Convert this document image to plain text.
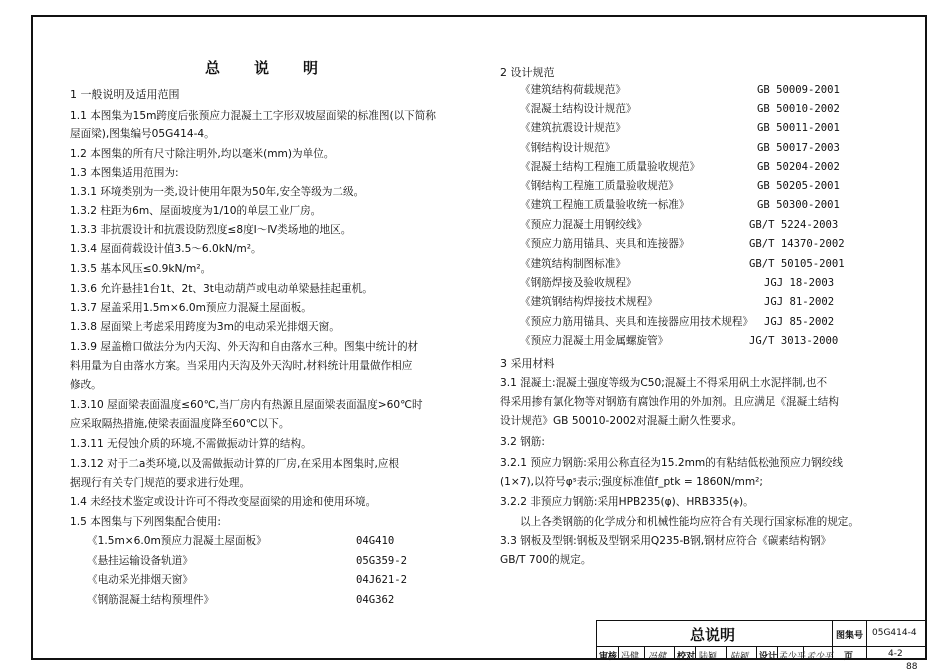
总说明
1 一般说明及适用范围
1.1 本图集为15m跨度后张预应力混凝土工字形双坡屋面梁的标准图(以下简称
屋面梁),图集编号05G414-4。
1.2 本图集的所有尺寸除注明外,均以毫米(mm)为单位。
1.3 本图集适用范围为:
1.3.1 环境类别为一类,设计使用年限为50年,安全等级为二级。
1.3.2 柱距为6m、屋面坡度为1/10的单层工业厂房。
1.3.3 非抗震设计和抗震设防烈度≤8度Ⅰ～Ⅳ类场地的地区。
1.3.4 屋面荷载设计值3.5～6.0kN/m²。
1.3.5 基本风压≤0.9kN/m²。
1.3.6 允许悬挂1台1t、2t、3t电动葫芦或电动单梁悬挂起重机。
1.3.7 屋盖采用1.5m×6.0m预应力混凝土屋面板。
1.3.8 屋面梁上考虑采用跨度为3m的电动采光排烟天窗。
1.3.9 屋盖檐口做法分为内天沟、外天沟和自由落水三种。图集中统计的材
料用量为自由落水方案。当采用内天沟及外天沟时,材料统计用量做作相应
修改。
1.3.10 屋面梁表面温度≤60℃,当厂房内有热源且屋面梁表面温度>60℃时
应采取隔热措施,使梁表面温度降至60℃以下。
1.3.11 无侵蚀介质的环境,不需做振动计算的结构。
1.3.12 对于二a类环境,以及需做振动计算的厂房,在采用本图集时,应根
据现行有关专门规范的要求进行处理。
1.4 未经技术鉴定或设计许可不得改变屋面梁的用途和使用环境。
1.5 本图集与下列图集配合使用:
《1.5m×6.0m预应力混凝土屋面板》	04G410
《悬挂运输设备轨道》	05G359-2
《电动采光排烟天窗》	04J621-2
《钢筋混凝土结构预埋件》	04G362
2 设计规范
《建筑结构荷载规范》	GB 50009-2001
《混凝土结构设计规范》	GB 50010-2002
《建筑抗震设计规范》	GB 50011-2001
《钢结构设计规范》	GB 50017-2003
《混凝土结构工程施工质量验收规范》	GB 50204-2002
《钢结构工程施工质量验收规范》	GB 50205-2001
《建筑工程施工质量验收统一标准》	GB 50300-2001
《预应力混凝土用钢绞线》	GB/T 5224-2003
《预应力筋用锚具、夹具和连接器》	GB/T 14370-2002
《建筑结构制图标准》	GB/T 50105-2001
《钢筋焊接及验收规程》	JGJ 18-2003
《建筑钢结构焊接技术规程》	JGJ 81-2002
《预应力筋用锚具、夹具和连接器应用技术规程》 JGJ 85-2002
《预应力混凝土用金属螺旋管》	JG/T 3013-2000
3 采用材料
3.1 混凝土:混凝土强度等级为C50;混凝土不得采用矾土水泥拌制,也不
得采用掺有氯化物等对钢筋有腐蚀作用的外加剂。且应满足《混凝土结构
设计规范》GB 50010-2002对混凝土耐久性要求。
3.2 钢筋:
3.2.1 预应力钢筋:采用公称直径为15.2mm的有粘结低松弛预应力钢绞线
(1×7),以符号φˢ表示;强度标准值f_ptk = 1860N/mm²;
3.2.2 非预应力钢筋:采用HPB235(φ)、HRB335(ⲫ)。
以上各类钢筋的化学成分和机械性能均应符合有关现行国家标准的规定。
3.3 钢板及型钢:钢板及型钢采用Q235-B钢,钢材应符合《碳素结构钢》
GB/T 700的规定。
总说明	图集号 05G414-4
审核 冯健 冯健 校对 陆颖 陆颖 设计 孟少平 孟少平 页	4-2
88
